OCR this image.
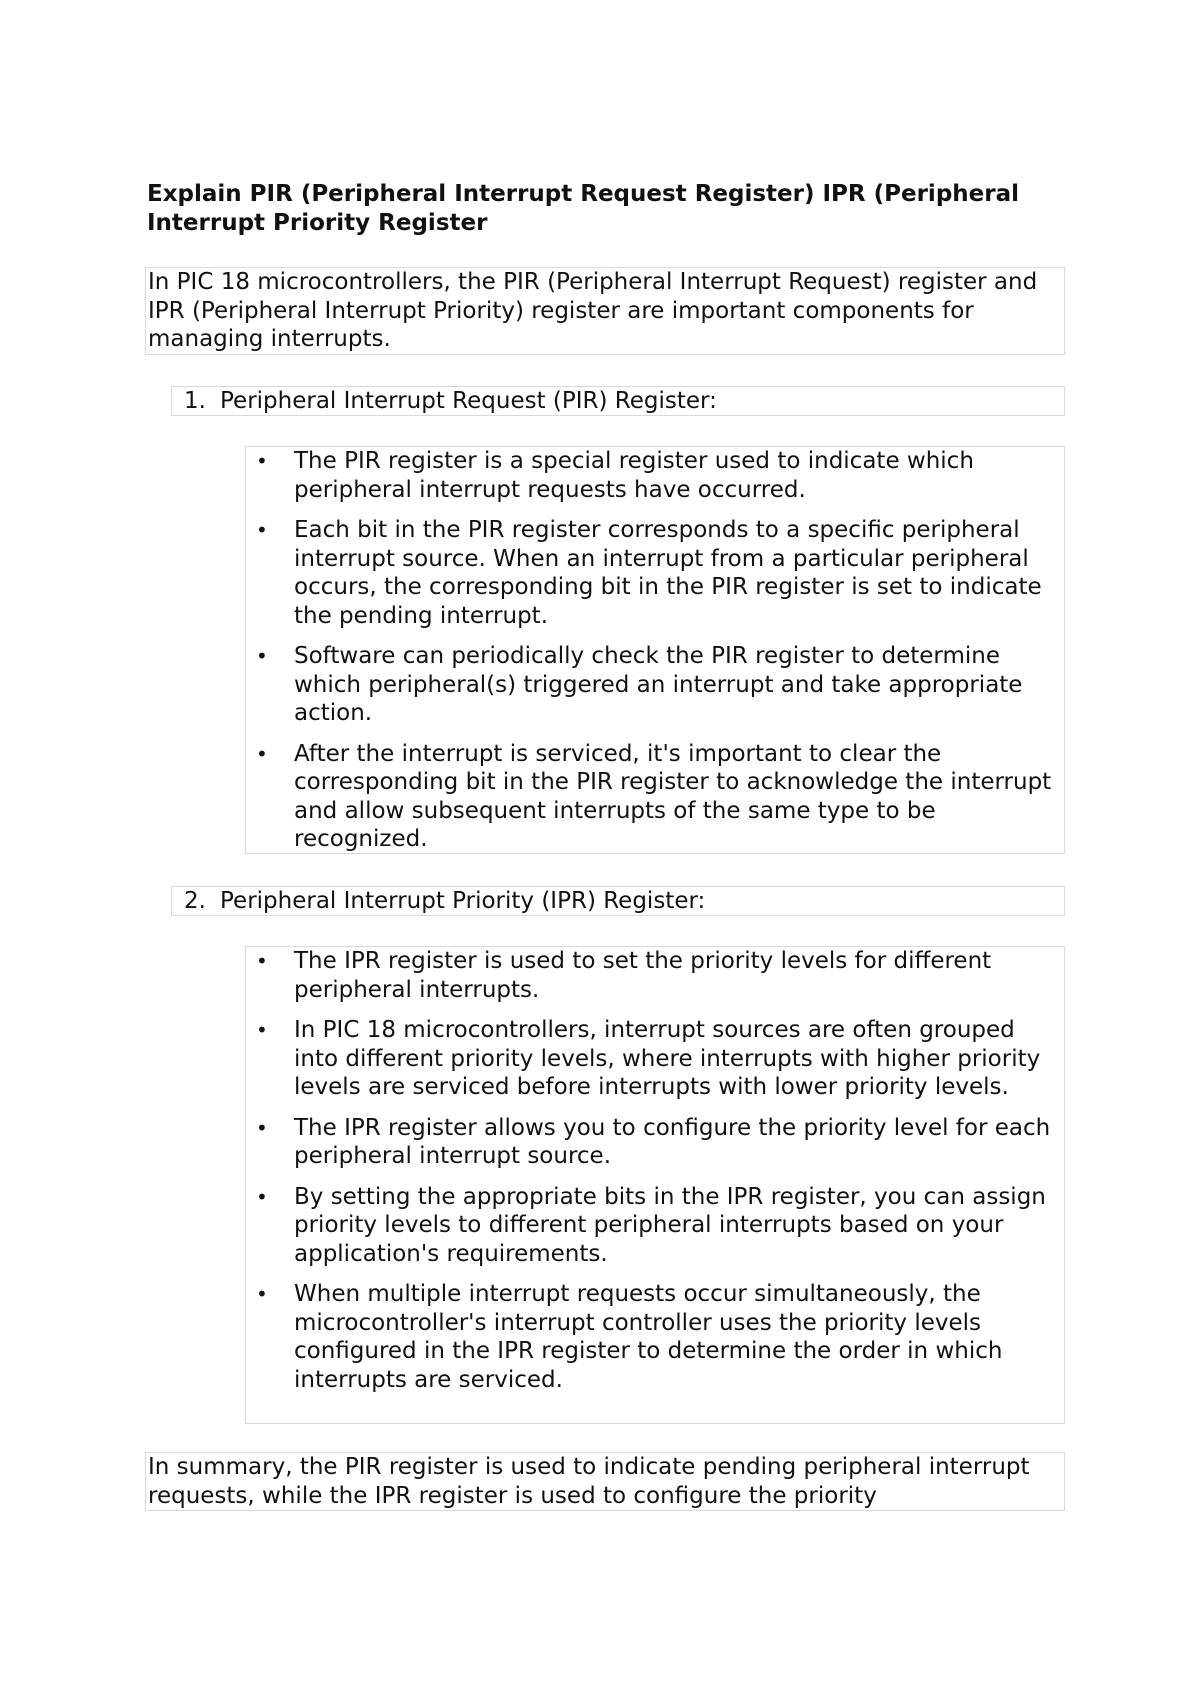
Explain PIR (Peripheral Interrupt Request Register) IPR (Peripheral Interrupt Priority Register
In PIC 18 microcontrollers, the PIR (Peripheral Interrupt Request) register and IPR (Peripheral Interrupt Priority) register are important components for managing interrupts.
1. Peripheral Interrupt Request (PIR) Register:
• The PIR register is a special register used to indicate which peripheral interrupt requests have occurred.
• Each bit in the PIR register corresponds to a specific peripheral interrupt source. When an interrupt from a particular peripheral occurs, the corresponding bit in the PIR register is set to indicate the pending interrupt.
• Software can periodically check the PIR register to determine which peripheral(s) triggered an interrupt and take appropriate action.
• After the interrupt is serviced, it's important to clear the corresponding bit in the PIR register to acknowledge the interrupt and allow subsequent interrupts of the same type to be recognized.
2. Peripheral Interrupt Priority (IPR) Register:
• The IPR register is used to set the priority levels for different peripheral interrupts.
• In PIC 18 microcontrollers, interrupt sources are often grouped into different priority levels, where interrupts with higher priority levels are serviced before interrupts with lower priority levels.
• The IPR register allows you to configure the priority level for each peripheral interrupt source.
• By setting the appropriate bits in the IPR register, you can assign priority levels to different peripheral interrupts based on your application's requirements.
• When multiple interrupt requests occur simultaneously, the microcontroller's interrupt controller uses the priority levels configured in the IPR register to determine the order in which interrupts are serviced.
In summary, the PIR register is used to indicate pending peripheral interrupt requests, while the IPR register is used to configure the priority
